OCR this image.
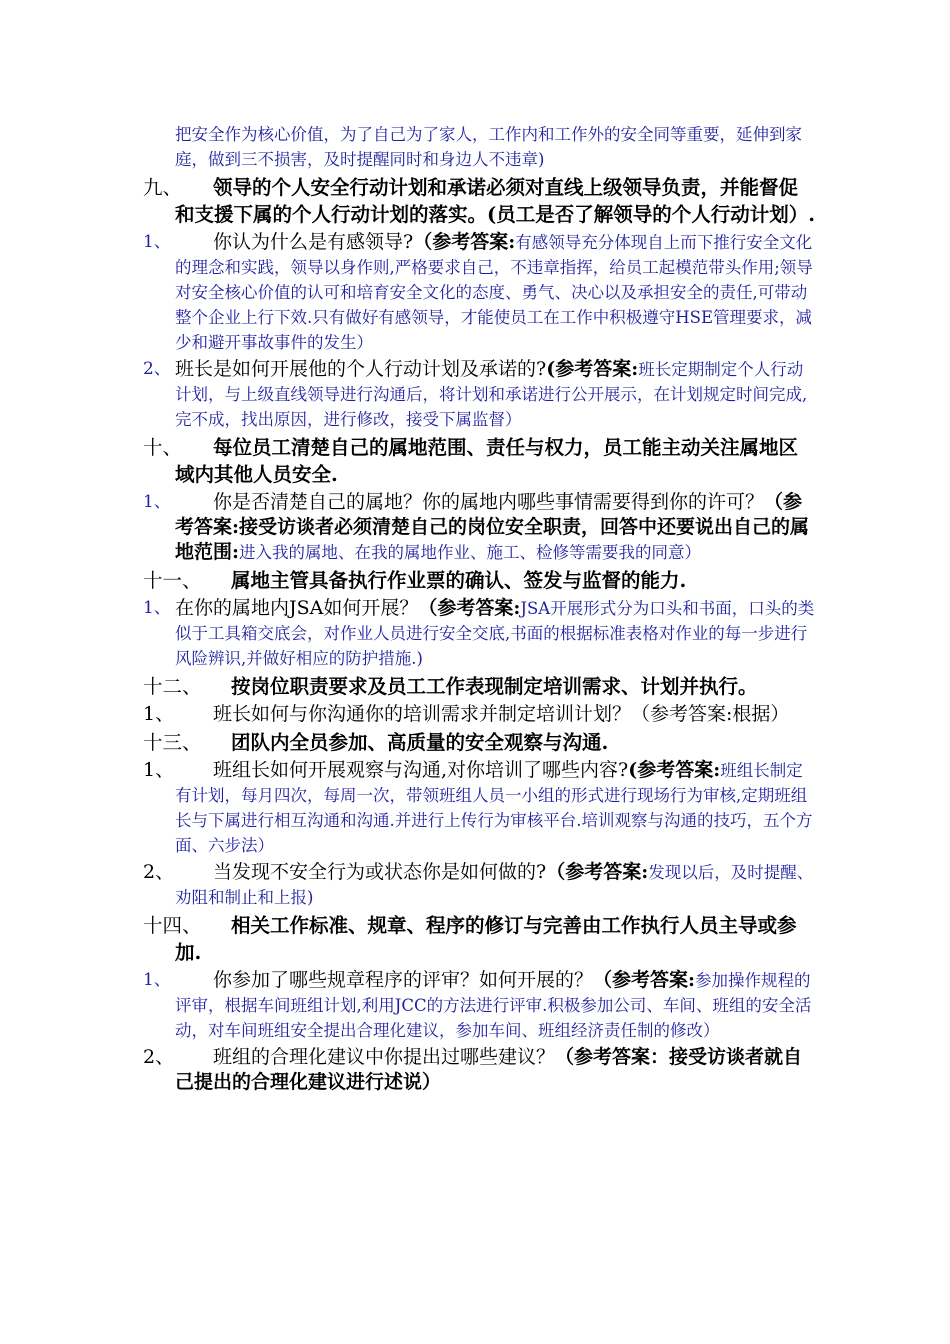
把安全作为核心价值，为了自己为了家人，工作内和工作外的安全同等重要，延伸到家庭，做到三不损害，及时提醒同时和身边人不违章)

九、 领导的个人安全行动计划和承诺必须对直线上级领导负责，并能督促和支援下属的个人行动计划的落实。(员工是否了解领导的个人行动计划）.

1、 你认为什么是有感领导?（参考答案:有感领导充分体现自上而下推行安全文化的理念和实践，领导以身作则,严格要求自己，不违章指挥，给员工起模范带头作用;领导对安全核心价值的认可和培育安全文化的态度、勇气、决心以及承担安全的责任,可带动整个企业上行下效.只有做好有感领导，才能使员工在工作中积极遵守HSE管理要求，减少和避开事故事件的发生）

2、 班长是如何开展他的个人行动计划及承诺的?(参考答案:班长定期制定个人行动计划，与上级直线领导进行沟通后，将计划和承诺进行公开展示，在计划规定时间完成,完不成，找出原因，进行修改，接受下属监督）

十、 每位员工清楚自己的属地范围、责任与权力，员工能主动关注属地区域内其他人员安全.

1、 你是否清楚自己的属地？你的属地内哪些事情需要得到你的许可？（参考答案:接受访谈者必须清楚自己的岗位安全职责，回答中还要说出自己的属地范围:进入我的属地、在我的属地作业、施工、检修等需要我的同意）

十一、 属地主管具备执行作业票的确认、签发与监督的能力.

1、 在你的属地内JSA如何开展？（参考答案:JSA开展形式分为口头和书面，口头的类似于工具箱交底会，对作业人员进行安全交底,书面的根据标准表格对作业的每一步进行风险辨识,并做好相应的防护措施.)

十二、 按岗位职责要求及员工工作表现制定培训需求、计划并执行。

1、 班长如何与你沟通你的培训需求并制定培训计划？（参考答案:根据）

十三、 团队内全员参加、高质量的安全观察与沟通.

1、 班组长如何开展观察与沟通,对你培训了哪些内容?(参考答案:班组长制定有计划，每月四次，每周一次，带领班组人员一小组的形式进行现场行为审核,定期班组长与下属进行相互沟通和沟通.并进行上传行为审核平台.培训观察与沟通的技巧，五个方面、六步法）

2、 当发现不安全行为或状态你是如何做的?（参考答案:发现以后，及时提醒、劝阻和制止和上报)

十四、 相关工作标准、规章、程序的修订与完善由工作执行人员主导或参加.

1、 你参加了哪些规章程序的评审？如何开展的？（参考答案:参加操作规程的评审，根据车间班组计划,利用JCC的方法进行评审.积极参加公司、车间、班组的安全活动，对车间班组安全提出合理化建议，参加车间、班组经济责任制的修改）

2、 班组的合理化建议中你提出过哪些建议？（参考答案：接受访谈者就自己提出的合理化建议进行述说）
